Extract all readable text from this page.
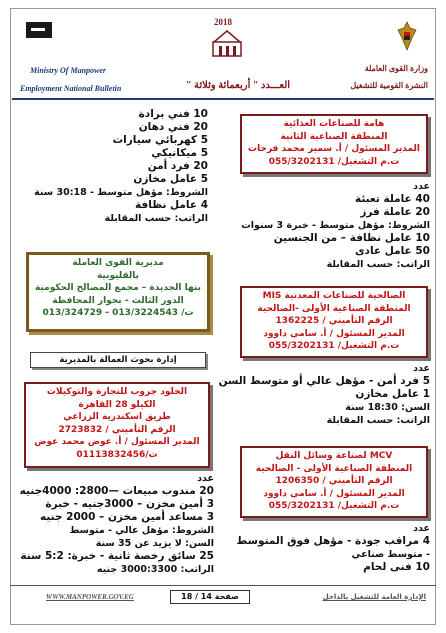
2018
Ministry Of Manpower
Employment National Bulletin
وزارة القوى العاملة
النشرة القومية للتشغيل
العـــدد " أربعمائة وثلاثة "
هامة للصناعات الغذائية
المنطقة الصناعية الثانية
المدير المسئول / أ. سمير محمد فرحات
ت.م التشغيل/ 055/3202131
عدد
40 عاملة تعبئة
20 عاملة فرز
الشروط: مؤهل متوسط - خبرة 3 سنوات
10 عامل نظافة – من الجنسين
50 عامل عادى
الراتب: حسب المقابلة
الصالحية للصناعات المعدنية MIS
المنطقة الصناعية الأولى -الصالحية
الرقم التأميني / 1362225
المدير المسئول / أ. سامي داوود
ت.م التشغيل/ 055/3202131
عدد
5 فرد أمن - مؤهل عالي أو متوسط السن
1 عامل مخازن
السن: 18:30 سنة
الراتب: حسب المقابلة
MCV لصناعة وسائل النقل
المنطقة الصناعية الأولى - الصالحية
الرقم التأميني / 1206350
المدير المسئول / أ. سامي داوود
ت.م التشغيل/ 055/3202131
عدد
4 مراقب جودة - مؤهل فوق المتوسط
- متوسط صناعي
10 فنى لحام
10 فني برادة
20 فني دهان
5 كهربائي سيارات
5 ميكانيكي
20 فرد أمن
5 عامل مخازن
الشروط: مؤهل متوسط - 30:18 سنة
4 عامل نظافة
الراتب: حسب المقابلة
مديرية القوى العاملة
بالقليوبية
بنها الجديدة – مجمع المصالح الحكومية
الدور الثالث - بجوار المحافظة
ت/ 013/3224543 - 013/324729
إدارة بحوث العمالة بالمديرية
الخلود جروب للتجارة والتوكيلات
الكيلو 28 القاهرة
طريق اسكندرية الزراعي
الرقم التأميني / 2723832
المدير المسئول / أ. عوض محمد عوض
ت/01113832456
عدد
20 مندوب مبيعات —2800: 4000جنيه
3 أمين مخزن – 3000جنيه - خبرة
3 مساعد أمين مخزن – 2000 جنيه
الشروط: مؤهل عالي - متوسط
السن: لا يزيد عن 35 سنة
25 سائق رخصة ثانية - خبرة: 5:2 سنة
الراتب: 3000:3300 جنيه
WWW.MANPOWER.GOV.EG	صفحة 14 / 18	الإدارة العامة للتشغيل بالداخل
